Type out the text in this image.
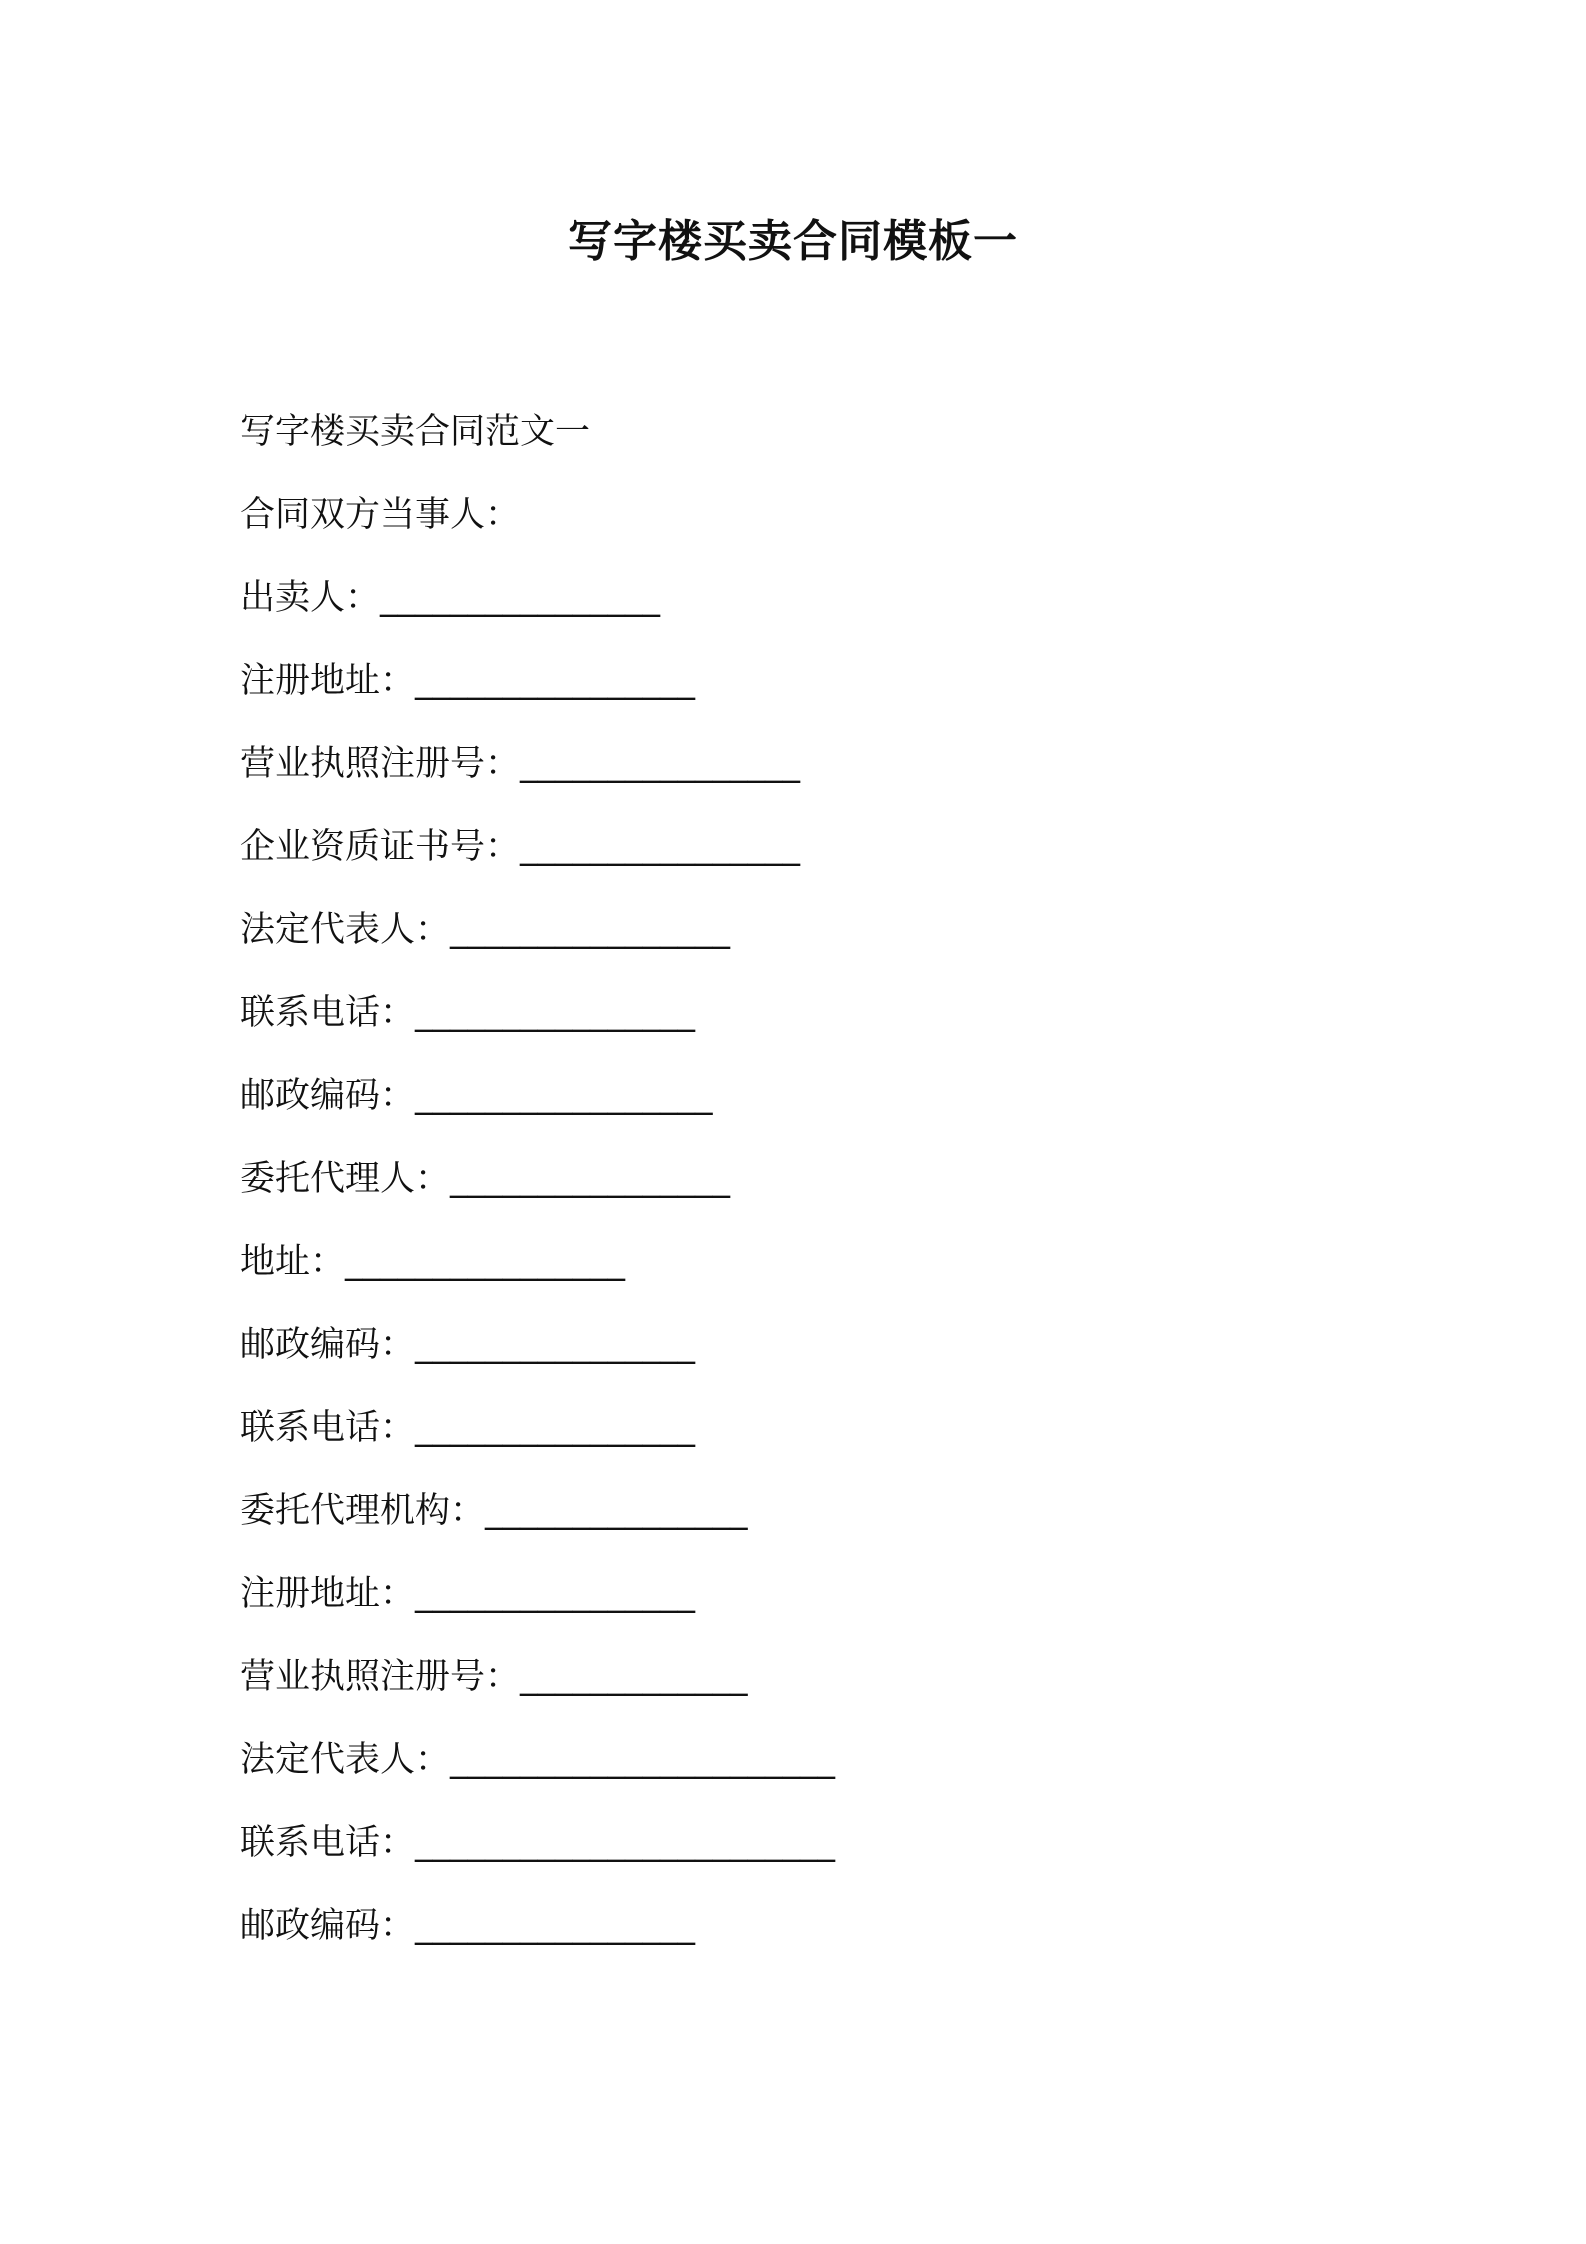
写字楼买卖合同模板一
写字楼买卖合同范文一
合同双方当事人：
出卖人：________________
注册地址：________________
营业执照注册号：________________
企业资质证书号：________________
法定代表人：________________
联系电话：________________
邮政编码：_________________
委托代理人：________________
地址：________________
邮政编码：________________
联系电话：________________
委托代理机构：_______________
注册地址：________________
营业执照注册号：_____________
法定代表人：______________________
联系电话：________________________
邮政编码：________________
